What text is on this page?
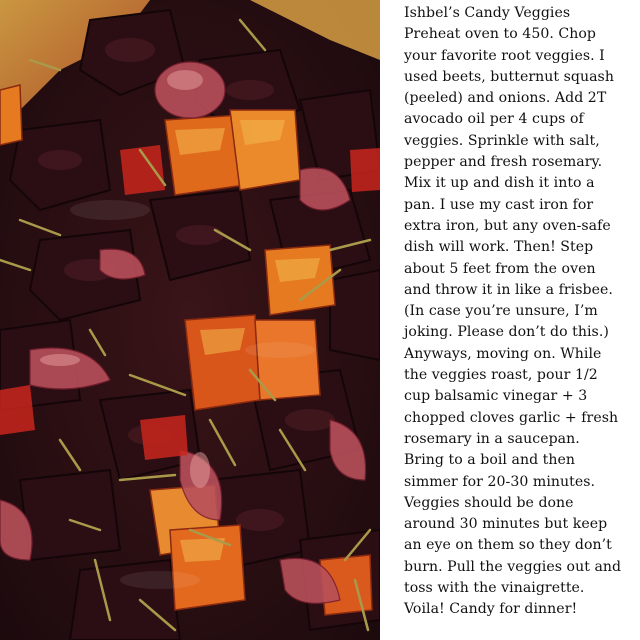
Ishbel’s Candy Veggies
Preheat oven to 450. Chop
your favorite root veggies. I
used beets, butternut squash
(peeled) and onions. Add 2T
avocado oil per 4 cups of
veggies. Sprinkle with salt,
pepper and fresh rosemary.
Mix it up and dish it into a
pan. I use my cast iron for
extra iron, but any oven-safe
dish will work. Then! Step
about 5 feet from the oven
and throw it in like a frisbee.
(In case you’re unsure, I’m
joking. Please don’t do this.)
Anyways, moving on. While
the veggies roast, pour 1/2
cup balsamic vinegar + 3
chopped cloves garlic + fresh
rosemary in a saucepan.
Bring to a boil and then
simmer for 20-30 minutes.
Veggies should be done
around 30 minutes but keep
an eye on them so they don’t
burn. Pull the veggies out and
toss with the vinaigrette.
Voila! Candy for dinner!
